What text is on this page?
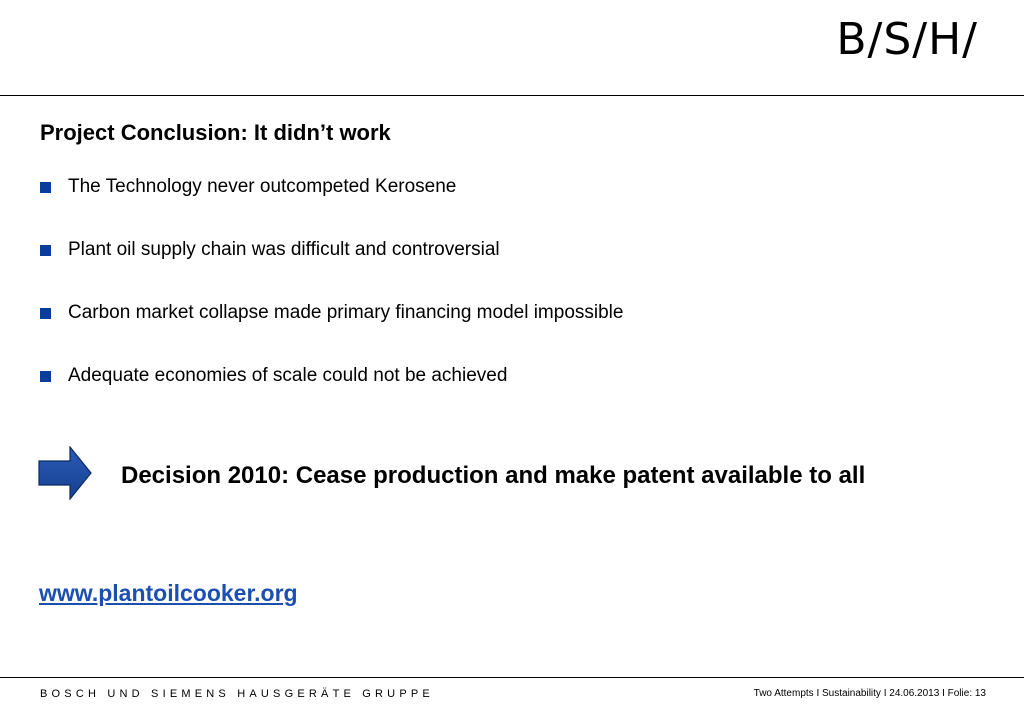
B/S/H/
Project Conclusion: It didn’t work
The Technology never outcompeted Kerosene
Plant oil supply chain was difficult and controversial
Carbon market collapse made primary financing model impossible
Adequate economies of scale could not be achieved
Decision 2010: Cease production and make patent available to all
www.plantoilcooker.org
BOSCH UND SIEMENS HAUSGERÄTE GRUPPE	Two Attempts I Sustainability I 24.06.2013 I Folie: 13
